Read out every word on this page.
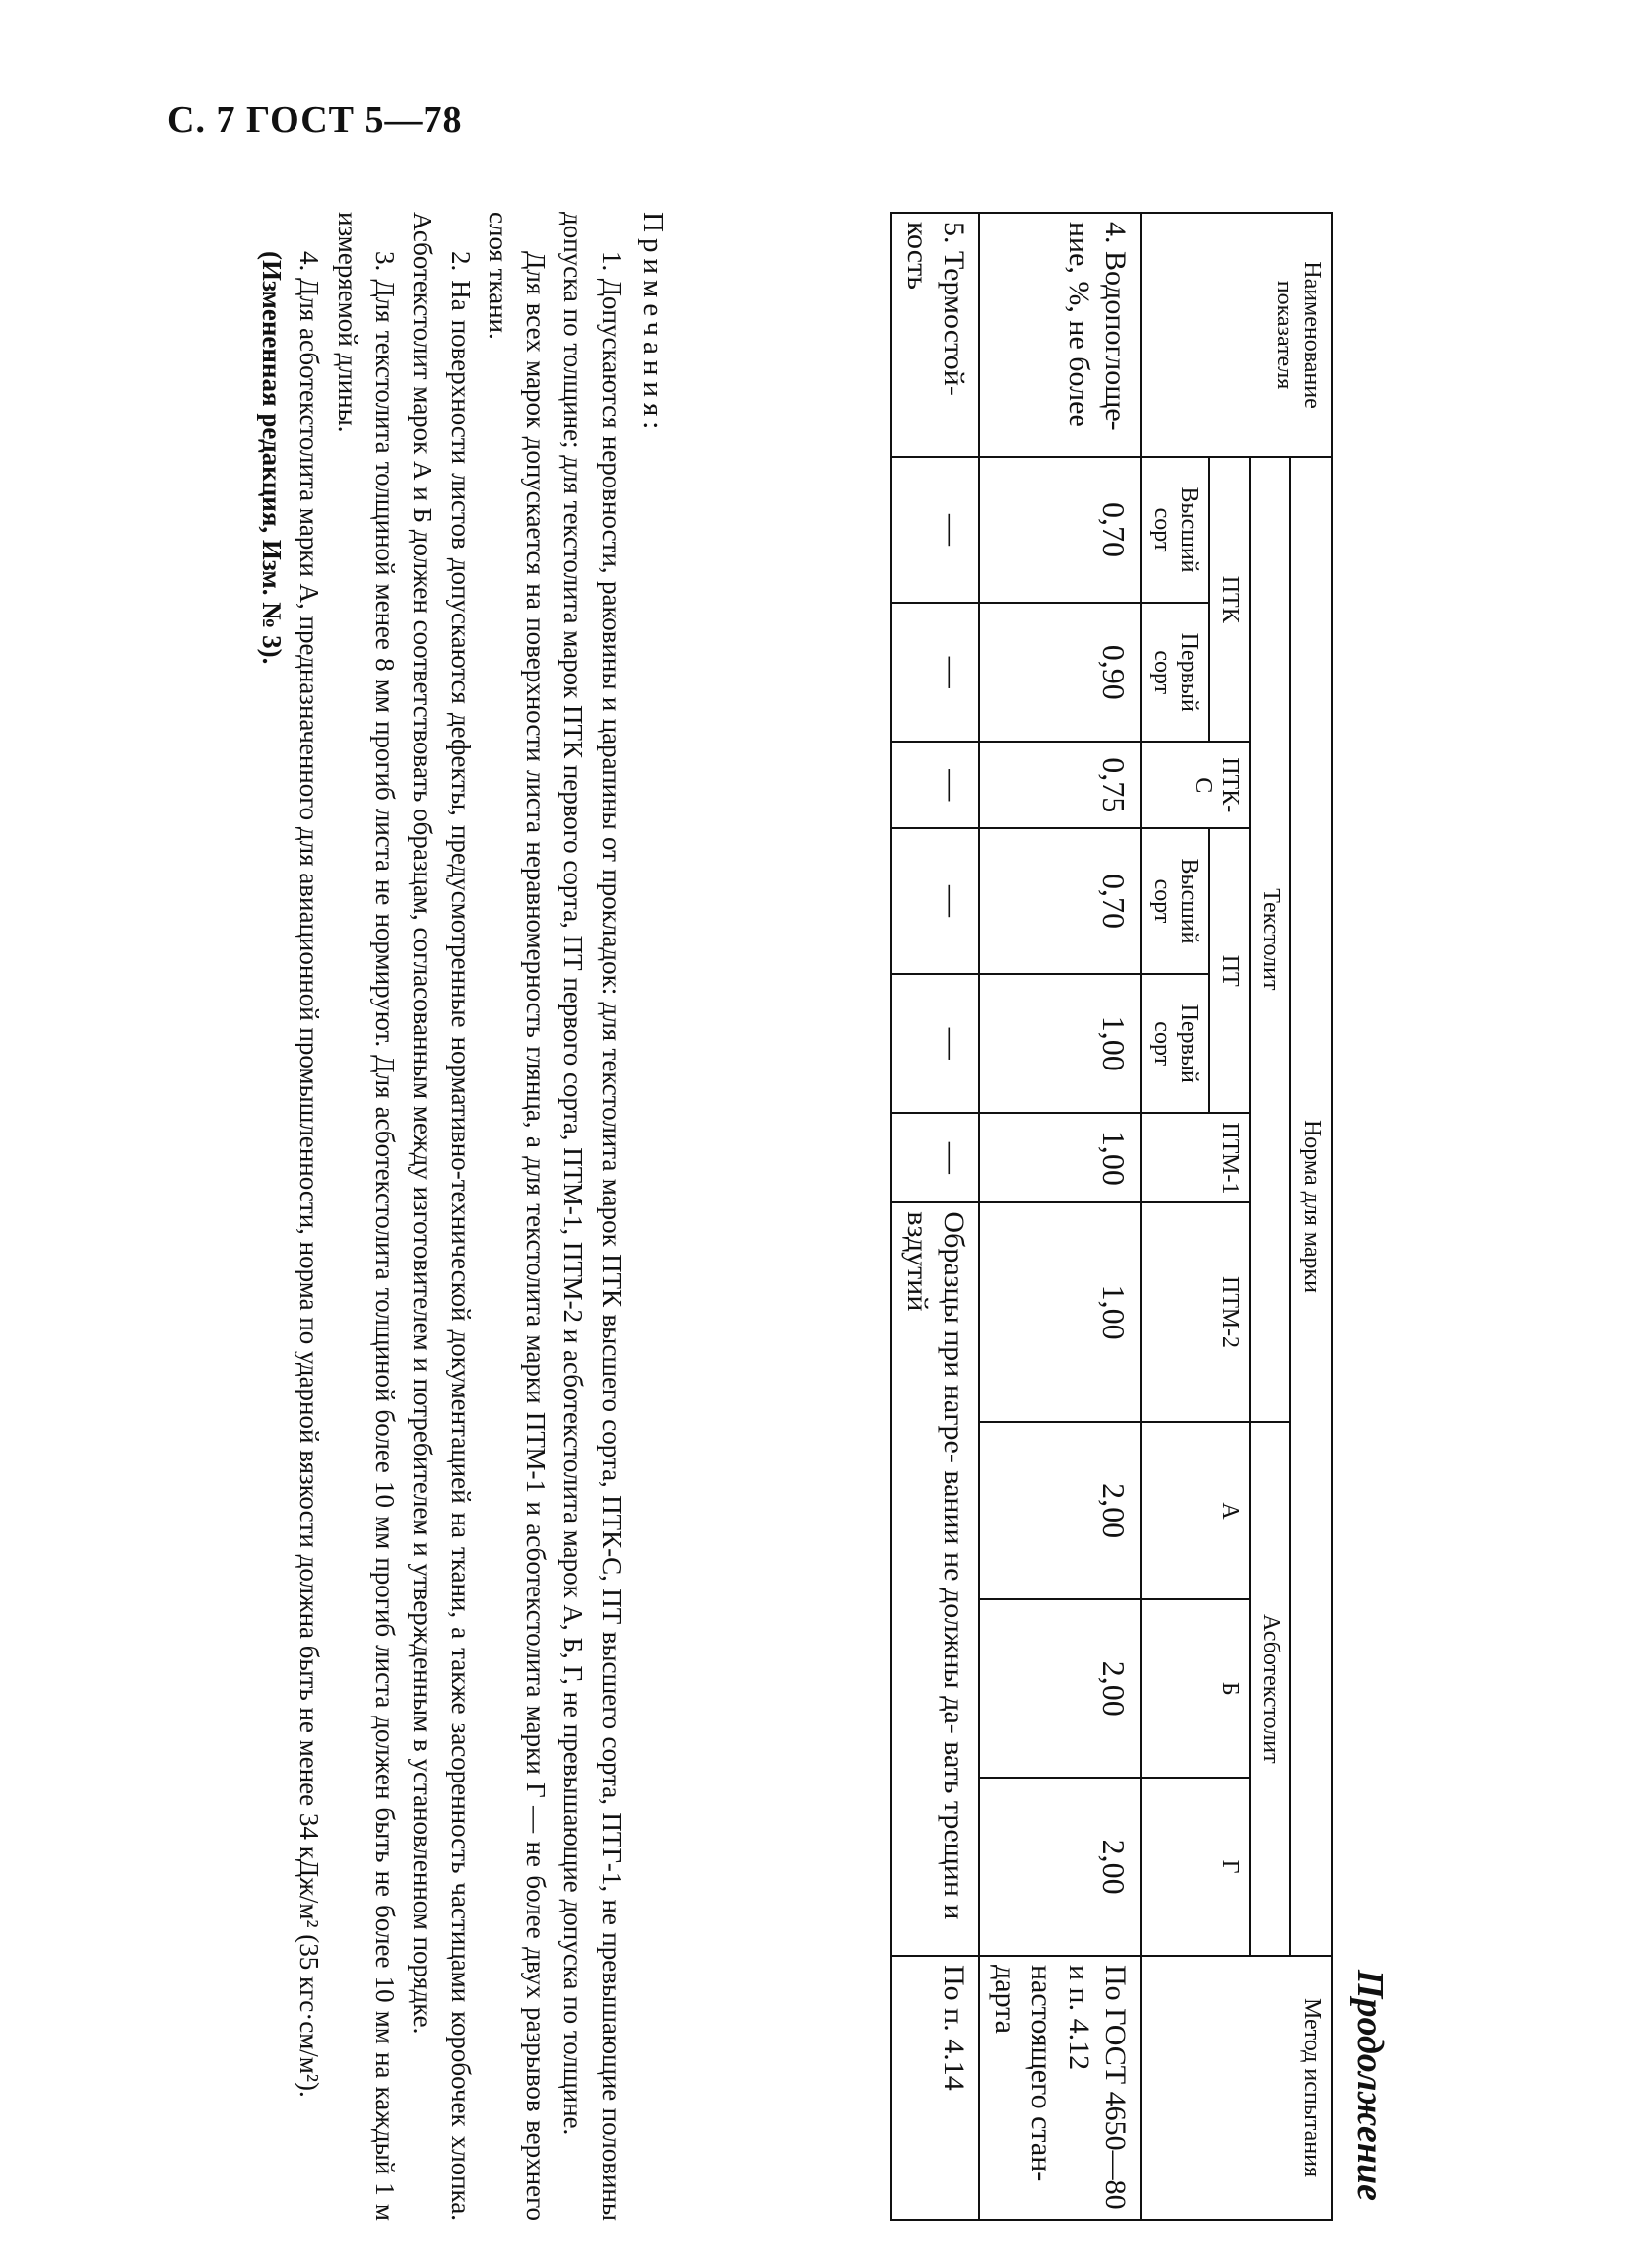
С. 7 ГОСТ 5—78
Продолжение
Наименование показателя	Норма для марки										Метод испытания
	Текстолит							Асботекстолит			
	ПТК		ПТК-С	ПТ		ПТМ-1	ПТМ-2	А	Б	Г	
	Высший сорт	Первый сорт		Высший сорт	Первый сорт						
4. Водопоглоще- ние, %, не более	0,70	0,90	0,75	0,70	1,00	1,00	1,00	2,00	2,00	2,00	По ГОСТ 4650—80 и п. 4.12 настоящего стан- дарта
5. Термостой- кость	—	—	—	—	—	—	Образцы при нагре- вании не должны да- вать трещин и вздутий				По п. 4.14
Примечания:

1. Допускаются неровности, раковины и царапины от прокладок: для текстолита марок ПТК высшего сорта, ПТК-С, ПТ высшего сорта, ПТГ-1, не превышающие половины допуска по толщине; для текстолита марок ПТК первого сорта, ПТ первого сорта, ПТМ-1, ПТМ-2 и асботекстолита марок А, Б, Г, не превышающие допуска по толщине.

Для всех марок допускается на поверхности листа неравномерность глянца, а для текстолита марки ПТМ-1 и асботекстолита марки Г — не более двух разрывов верхнего слоя ткани.

2. На поверхности листов допускаются дефекты, предусмотренные нормативно-технической документацией на ткани, а также засоренность частицами коробочек хлопка. Асботекстолит марок А и Б должен соответствовать образцам, согласованным между изготовителем и потребителем и утвержденным в установленном порядке.

3. Для текстолита толщиной менее 8 мм прогиб листа не нормируют. Для асботекстолита толщиной более 10 мм прогиб листа должен быть не более 10 мм на каждый 1 м измеряемой длины.

4. Для асботекстолита марки А, предназначенного для авиационной промышленности, норма по ударной вязкости должна быть не менее 34 кДж/м² (35 кгс·см/м²).

(Измененная редакция, Изм. № 3).
